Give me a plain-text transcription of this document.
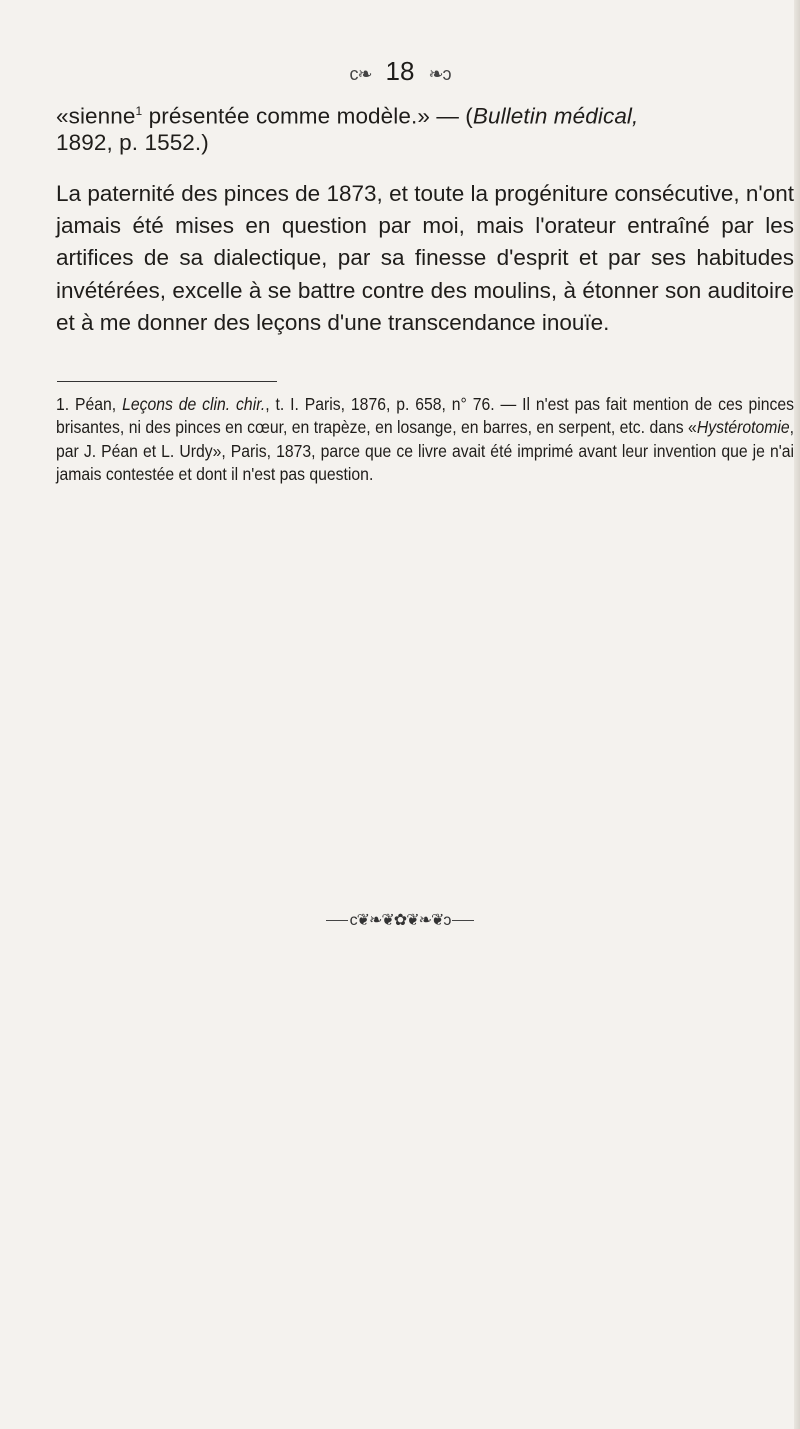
c❧ 18 ❧ɔ
«sienne$^1$ présentée comme modèle.» — (Bulletin médical,
1892, p. 1552.)
La paternité des pinces de 1873, et toute la progéniture consécutive, n'ont jamais été mises en question par moi, mais l'orateur entraîné par les artifices de sa dialectique, par sa finesse d'esprit et par ses habitudes invétérées, excelle à se battre contre des moulins, à étonner son auditoire et à me donner des leçons d'une transcendance inouïe.
1. Péan, Leçons de clin. chir., t. I. Paris, 1876, p. 658, n° 76. — Il n'est pas fait mention de ces pinces brisantes, ni des pinces en cœur, en trapèze, en losange, en barres, en serpent, etc. dans «Hystérotomie, par J. Péan et L. Urdy», Paris, 1873, parce que ce livre avait été imprimé avant leur invention que je n'ai jamais contestée et dont il n'est pas question.
c❦❧❦✿❦❧❦ɔ
